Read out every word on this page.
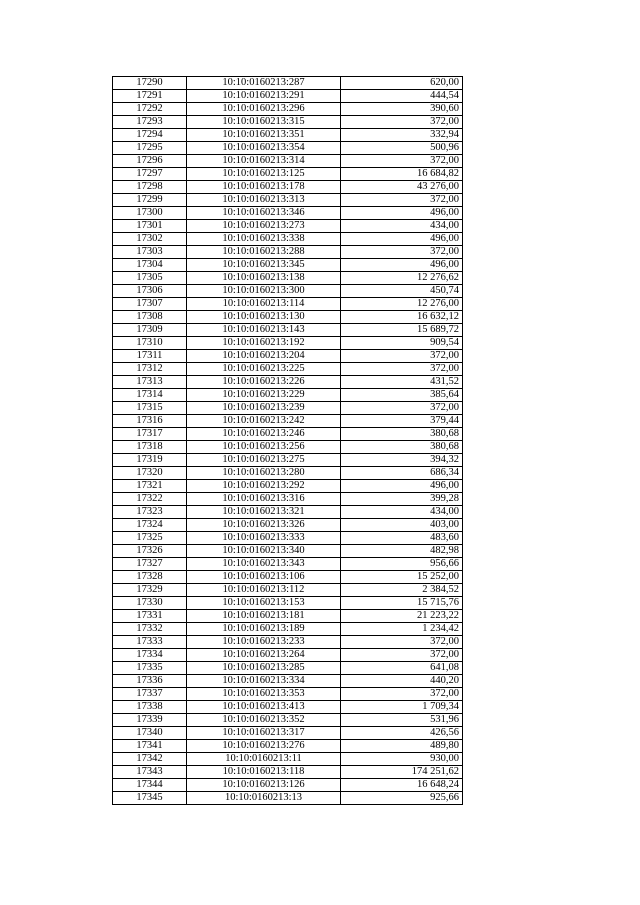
17290	10:10:0160213:287	620,00
17291	10:10:0160213:291	444,54
17292	10:10:0160213:296	390,60
17293	10:10:0160213:315	372,00
17294	10:10:0160213:351	332,94
17295	10:10:0160213:354	500,96
17296	10:10:0160213:314	372,00
17297	10:10:0160213:125	16 684,82
17298	10:10:0160213:178	43 276,00
17299	10:10:0160213:313	372,00
17300	10:10:0160213:346	496,00
17301	10:10:0160213:273	434,00
17302	10:10:0160213:338	496,00
17303	10:10:0160213:288	372,00
17304	10:10:0160213:345	496,00
17305	10:10:0160213:138	12 276,62
17306	10:10:0160213:300	450,74
17307	10:10:0160213:114	12 276,00
17308	10:10:0160213:130	16 632,12
17309	10:10:0160213:143	15 689,72
17310	10:10:0160213:192	909,54
17311	10:10:0160213:204	372,00
17312	10:10:0160213:225	372,00
17313	10:10:0160213:226	431,52
17314	10:10:0160213:229	385,64
17315	10:10:0160213:239	372,00
17316	10:10:0160213:242	379,44
17317	10:10:0160213:246	380,68
17318	10:10:0160213:256	380,68
17319	10:10:0160213:275	394,32
17320	10:10:0160213:280	686,34
17321	10:10:0160213:292	496,00
17322	10:10:0160213:316	399,28
17323	10:10:0160213:321	434,00
17324	10:10:0160213:326	403,00
17325	10:10:0160213:333	483,60
17326	10:10:0160213:340	482,98
17327	10:10:0160213:343	956,66
17328	10:10:0160213:106	15 252,00
17329	10:10:0160213:112	2 384,52
17330	10:10:0160213:153	15 715,76
17331	10:10:0160213:181	21 223,22
17332	10:10:0160213:189	1 234,42
17333	10:10:0160213:233	372,00
17334	10:10:0160213:264	372,00
17335	10:10:0160213:285	641,08
17336	10:10:0160213:334	440,20
17337	10:10:0160213:353	372,00
17338	10:10:0160213:413	1 709,34
17339	10:10:0160213:352	531,96
17340	10:10:0160213:317	426,56
17341	10:10:0160213:276	489,80
17342	10:10:0160213:11	930,00
17343	10:10:0160213:118	174 251,62
17344	10:10:0160213:126	16 648,24
17345	10:10:0160213:13	925,66
